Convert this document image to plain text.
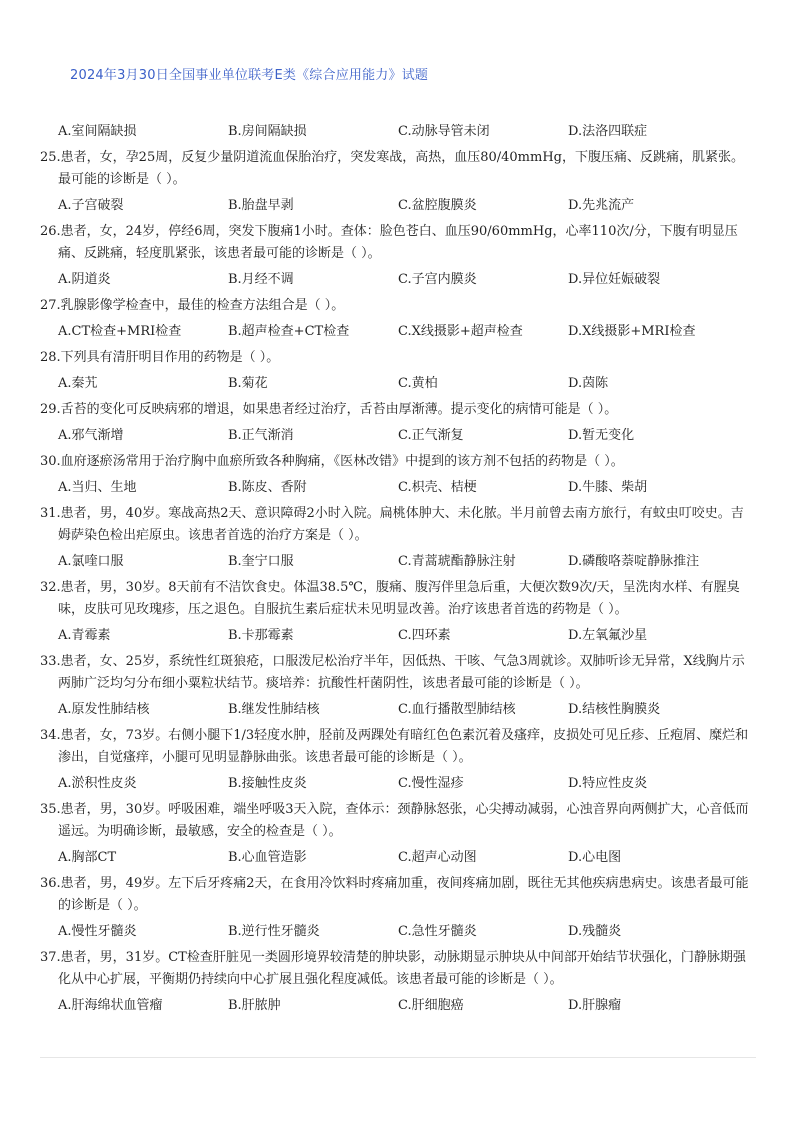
2024年3月30日全国事业单位联考E类《综合应用能力》试题
A.室间隔缺损	B.房间隔缺损	C.动脉导管未闭	D.法洛四联症
25.患者，女，孕25周，反复少量阴道流血保胎治疗，突发寒战，高热，血压80/40mmHg，下腹压痛、反跳痛，肌紧张。最可能的诊断是（ ）。
A.子宫破裂	B.胎盘早剥	C.盆腔腹膜炎	D.先兆流产
26.患者，女，24岁，停经6周，突发下腹痛1小时。查体：脸色苍白、血压90/60mmHg，心率110次/分，下腹有明显压痛、反跳痛，轻度肌紧张，该患者最可能的诊断是（ ）。
A.阴道炎	B.月经不调	C.子宫内膜炎	D.异位妊娠破裂
27.乳腺影像学检查中，最佳的检查方法组合是（ ）。
A.CT检查+MRI检查	B.超声检查+CT检查	C.X线摄影+超声检查	D.X线摄影+MRI检查
28.下列具有清肝明目作用的药物是（ ）。
A.秦艽	B.菊花	C.黄柏	D.茵陈
29.舌苔的变化可反映病邪的增退，如果患者经过治疗，舌苔由厚渐薄。提示变化的病情可能是（ ）。
A.邪气渐增	B.正气渐消	C.正气渐复	D.暂无变化
30.血府逐瘀汤常用于治疗胸中血瘀所致各种胸痛，《医林改错》中提到的该方剂不包括的药物是（ ）。
A.当归、生地	B.陈皮、香附	C.枳壳、桔梗	D.牛膝、柴胡
31.患者，男，40岁。寒战高热2天、意识障碍2小时入院。扁桃体肿大、未化脓。半月前曾去南方旅行，有蚊虫叮咬史。吉姆萨染色检出疟原虫。该患者首选的治疗方案是（ ）。
A.氯喹口服	B.奎宁口服	C.青蒿琥酯静脉注射	D.磷酸咯萘啶静脉推注
32.患者，男，30岁。8天前有不洁饮食史。体温38.5℃，腹痛、腹泻伴里急后重，大便次数9次/天，呈洗肉水样、有腥臭味，皮肤可见玫瑰疹，压之退色。自服抗生素后症状未见明显改善。治疗该患者首选的药物是（ ）。
A.青霉素	B.卡那霉素	C.四环素	D.左氧氟沙星
33.患者，女、25岁，系统性红斑狼疮，口服泼尼松治疗半年，因低热、干咳、气急3周就诊。双肺听诊无异常，X线胸片示两肺广泛均匀分布细小粟粒状结节。痰培养：抗酸性杆菌阴性，该患者最可能的诊断是（ ）。
A.原发性肺结核	B.继发性肺结核	C.血行播散型肺结核	D.结核性胸膜炎
34.患者，女，73岁。右侧小腿下1/3轻度水肿，胫前及两踝处有暗红色色素沉着及瘙痒，皮损处可见丘疹、丘疱屑、糜烂和渗出，自觉瘙痒，小腿可见明显静脉曲张。该患者最可能的诊断是（ ）。
A.淤积性皮炎	B.接触性皮炎	C.慢性湿疹	D.特应性皮炎
35.患者，男，30岁。呼吸困难，端坐呼吸3天入院，查体示：颈静脉怒张，心尖搏动减弱，心浊音界向两侧扩大，心音低而遥远。为明确诊断，最敏感，安全的检查是（ ）。
A.胸部CT	B.心血管造影	C.超声心动图	D.心电图
36.患者，男，49岁。左下后牙疼痛2天，在食用冷饮料时疼痛加重，夜间疼痛加剧，既往无其他疾病患病史。该患者最可能的诊断是（ ）。
A.慢性牙髓炎	B.逆行性牙髓炎	C.急性牙髓炎	D.残髓炎
37.患者，男，31岁。CT检查肝脏见一类圆形境界较清楚的肿块影，动脉期显示肿块从中间部开始结节状强化，门静脉期强化从中心扩展，平衡期仍持续向中心扩展且强化程度减低。该患者最可能的诊断是（ ）。
A.肝海绵状血管瘤	B.肝脓肿	C.肝细胞癌	D.肝腺瘤
